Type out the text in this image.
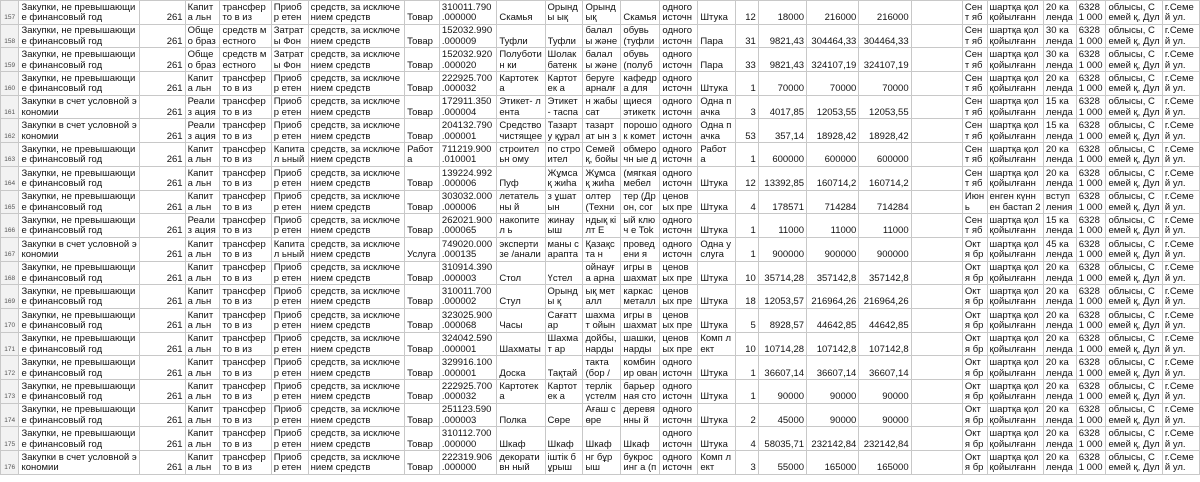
157	Закупки, не превышающие финансовый год	261	Капита льн	трансферто в из	Приобр етен	средств, за исключением средств	Товар	310011.790 .000000	Скамья	Орынды ық	Орынд ық	Скамья	одного источн	Штука	12	18000	216000	216000		Сент яб	шартқа қол қойылғанн	20 календа	63281 000	облысы, Семей қ, Дул	г.Семей ул.

158	Закупки, не превышающие финансовый год	261	Общео браз	средств местного	Затраты Фон	средств, за исключением средств	Товар	152032.990 .000009	Туфли	Туфли	балалы жәнe	обувь (туфли	одного источн	Пара	31	9821,43	304464,33	304464,33		Сент яб	шартқа қол қойылғанн	30 календа	63281 000	облысы, Семей қ, Дул	г.Семей ул.

159	Закупки, не превышающие финансовый год	261	Общео браз	средств местного	Затраты Фон	средств, за исключением средств	Товар	152032.920 .000020	Полуботин ки	Шолак батенк	балалы жәнe	обувь (полуб	одного источн	Пара	33	9821,43	324107,19	324107,19		Сент яб	шартқа қол қойылғанн	30 календа	63281 000	облысы, Семей қ, Дул	г.Семей ул.

160	Закупки, не превышающие финансовый год	261	Капита льн	трансферто в из	Приобр етен	средств, за исключением средств	Товар	222925.700 .000032	Картотека	Картотек а	беруге арналғ	кафедра для	одного источн	Штука	1	70000	70000	70000		Сент яб	шартқа қол қойылғанн	20 календа	63281 000	облысы, Семей қ, Дул	г.Семей ул.

161	Закупки в счет условной экономии	261	Реализ ация	трансферто в из	Приобр етен	средств, за исключением средств	Товар	172911.350 .000004	Этикет- лента	Этикет- таспа	н жабысат	щиеся этикетк	одного источн	Одна пачка	3	4017,85	12053,55	12053,55		Сент яб	шартқа қол қойылғанн	15 календа	63281 000	облысы, Семей қ, Дул	г.Семей ул.

162	Закупки в счет условной экономии	261	Реализ ация	трансферто в из	Приобр етен	средств, за исключением средств	Товар	204132.790 .000001	Средство чистящее	Тазарту құрал	тазартат ын з	порошок комет	одного источн	Одна пачка	53	357,14	18928,42	18928,42		Сент яб	шартқа қол қойылғанн	15 календа	63281 000	облысы, Семей қ, Дул	г.Семей ул.

163	Закупки, не превышающие финансовый год	261	Капита льн	трансферто в из	Капитал ьный	средств, за исключением средств	Работа	711219.900 .010001	строительн ому	по строител	Семей қ, бойы	обмерочн ые д	одного источн	Работ а	1	600000	600000	600000		Сент яб	шартқа қол қойылғанн	20 календа	63281 000	облысы, Семей қ, Дул	г.Семей ул.

164	Закупки, не превышающие финансовый год	261	Капита льн	трансферто в из	Приобр етен	средств, за исключением средств	Товар	139224.992 .000006	Пуф	Жұмсақ жиһа	Жұмсақ жиһа	(мягкая мебел	одного источн	Штука	12	13392,85	160714,2	160714,2		Сент яб	шартқа қол қойылғанн	20 календа	63281 000	облысы, Семей қ, Дул	г.Семей ул.

165	Закупки, не превышающие финансовый год	261	Капита льн	трансферто в из	Приобр етен	средств, за исключением средств	Товар	303032.000 .000006	летательны й	з ұшатын	олтер (Техни	тер (Дрон, сог	ценовых пре	Штука	4	178571	714284	714284		Июн ь	енген күннен бастап 2	вступления	63281 000	облысы, Семей қ, Дул	г.Семей ул.

166	Закупки, не превышающие финансовый год	261	Реализ ация	трансферто в из	Приобр етен	средств, за исключением средств	Товар	262021.900 .000065	накопител ь	жинауыш	ндық кілт E	ый ключ e Tok	одного источн	Штука	1	11000	11000	11000		Сент яб	шартқа қол қойылғанн	15 календа	63281 000	облысы, Семей қ, Дул	г.Семей ул.

167	Закупки в счет условной экономии	261	Капита льн	трансферто в из	Капитал ьный	средств, за исключением средств	Услуга	749020.000 .000135	экспертизе /анали	маны сарапта	Қазақста н	проведени я	одного источн	Одна услуга	1	900000	900000	900000		Октя бр	шартқа қол қойылғанн	45 календа	63281 000	облысы, Семей қ, Дул	г.Семей ул.

168	Закупки, не превышающие финансовый год	261	Капита льн	трансферто в из	Приобр етен	средств, за исключением средств	Товар	310914.390 .000003	Стол	Үстел	ойнауға арна	игры в шахмат	ценовых пре	Штука	10	35714,28	357142,8	357142,8		Октя бр	шартқа қол қойылғанн	20 календа	63281 000	облысы, Семей қ, Дул	г.Семей ул.

169	Закупки, не превышающие финансовый год	261	Капита льн	трансферто в из	Приобр етен	средств, за исключением средств	Товар	310011.700 .000002	Стул	Орынды қ	ық металл	каркас металл	ценовых пре	Штука	18	12053,57	216964,26	216964,26		Октя бр	шартқа қол қойылғанн	20 календа	63281 000	облысы, Семей қ, Дул	г.Семей ул.

170	Закупки, не превышающие финансовый год	261	Капита льн	трансферто в из	Приобр етен	средств, за исключением средств	Товар	323025.900 .000068	Часы	Сағаттар	шахмат ойын	игры в шахмат	ценовых пре	Штука	5	8928,57	44642,85	44642,85		Октя бр	шартқа қол қойылғанн	20 календа	63281 000	облысы, Семей қ, Дул	г.Семей ул.

171	Закупки, не превышающие финансовый год	261	Капита льн	трансферто в из	Приобр етен	средств, за исключением средств	Товар	324042.590 .000001	Шахматы	Шахмат ар	дойбы, нарды	шашки, нарды	ценовых пре	Комп лект	10	10714,28	107142,8	107142,8		Октя бр	шартқа қол қойылғанн	20 календа	63281 000	облысы, Семей қ, Дул	г.Семей ул.

172	Закупки, не превышающие финансовый год	261	Капита льн	трансферто в из	Приобр етен	средств, за исключением средств	Товар	329916.100 .000001	Доска	Тақтай	такта (бор /	комбинир ован	одного источн	Штука	1	36607,14	36607,14	36607,14		Октя бр	шартқа қол қойылғанн	20 календа	63281 000	облысы, Семей қ, Дул	г.Семей ул.

173	Закупки, не превышающие финансовый год	261	Капита льн	трансферто в из	Приобр етен	средств, за исключением средств	Товар	222925.700 .000032	Картотека	Картотек а	терлік үстелм	барьерная сто	одного источн	Штука	1	90000	90000	90000		Октя бр	шартқа қол қойылғанн	20 календа	63281 000	облысы, Семей қ, Дул	г.Семей ул.

174	Закупки, не превышающие финансовый год	261	Капита льн	трансферто в из	Приобр етен	средств, за исключением средств	Товар	251123.590 .000003	Полка	Сөре	Ағаш сөре	деревянны й	одного источн	Штука	2	45000	90000	90000		Октя бр	шартқа қол қойылғанн	20 календа	63281 000	облысы, Семей қ, Дул	г.Семей ул.

175	Закупки, не превышающие финансовый год	261	Капита льн	трансферто в из	Приобр етен	средств, за исключением средств	Товар	310112.700 .000000	Шкаф	Шкаф	Шкаф	Шкаф	одного источн	Штука	4	58035,71	232142,84	232142,84		Октя бр	шартқа қол қойылғанн	20 календа	63281 000	облысы, Семей қ, Дул	г.Семей ул.

176	Закупки в счет условной экономии	261	Капита льн	трансферто в из	Приобр етен	средств, за исключением средств	Товар	222319.906 .000000	декоративн ный	іштік бұрыш	нг бұрыш	букросинг а (п	одного источн	Комп лект	3	55000	165000	165000		Октя бр	шартқа қол қойылғанн	20 календа	63281 000	облысы, Семей қ, Дул	г.Семей ул.
